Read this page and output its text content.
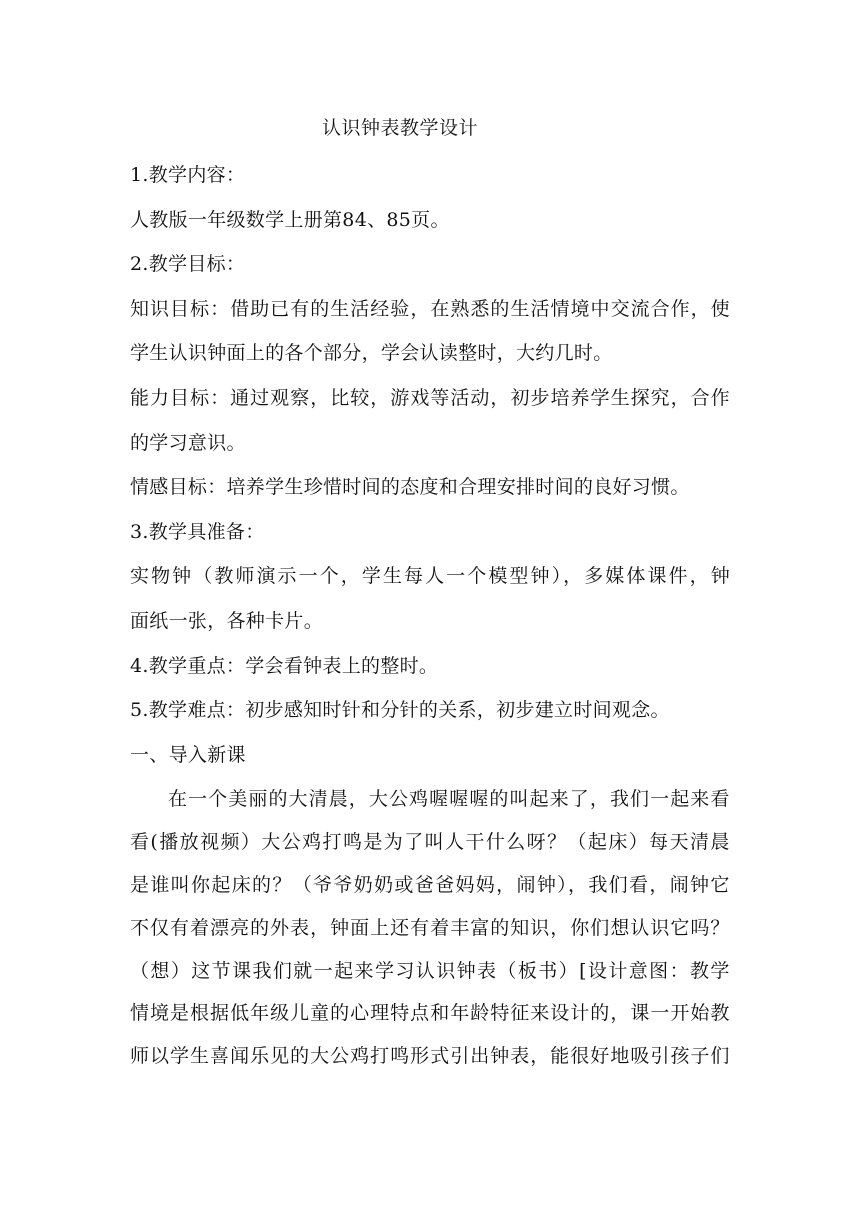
认识钟表教学设计
1.教学内容：
人教版一年级数学上册第84、85页。
2.教学目标：
知识目标：借助已有的生活经验，在熟悉的生活情境中交流合作，使
学生认识钟面上的各个部分，学会认读整时，大约几时。
能力目标：通过观察，比较，游戏等活动，初步培养学生探究，合作
的学习意识。
情感目标：培养学生珍惜时间的态度和合理安排时间的良好习惯。
3.教学具准备：
实物钟（教师演示一个，学生每人一个模型钟），多媒体课件，钟
面纸一张，各种卡片。
4.教学重点：学会看钟表上的整时。
5.教学难点：初步感知时针和分针的关系，初步建立时间观念。
一、导入新课
在一个美丽的大清晨，大公鸡喔喔喔的叫起来了，我们一起来看
看(播放视频）大公鸡打鸣是为了叫人干什么呀？（起床）每天清晨
是谁叫你起床的？（爷爷奶奶或爸爸妈妈，闹钟），我们看，闹钟它
不仅有着漂亮的外表，钟面上还有着丰富的知识，你们想认识它吗？
（想）这节课我们就一起来学习认识钟表（板书）[设计意图：教学
情境是根据低年级儿童的心理特点和年龄特征来设计的，课一开始教
师以学生喜闻乐见的大公鸡打鸣形式引出钟表，能很好地吸引孩子们
